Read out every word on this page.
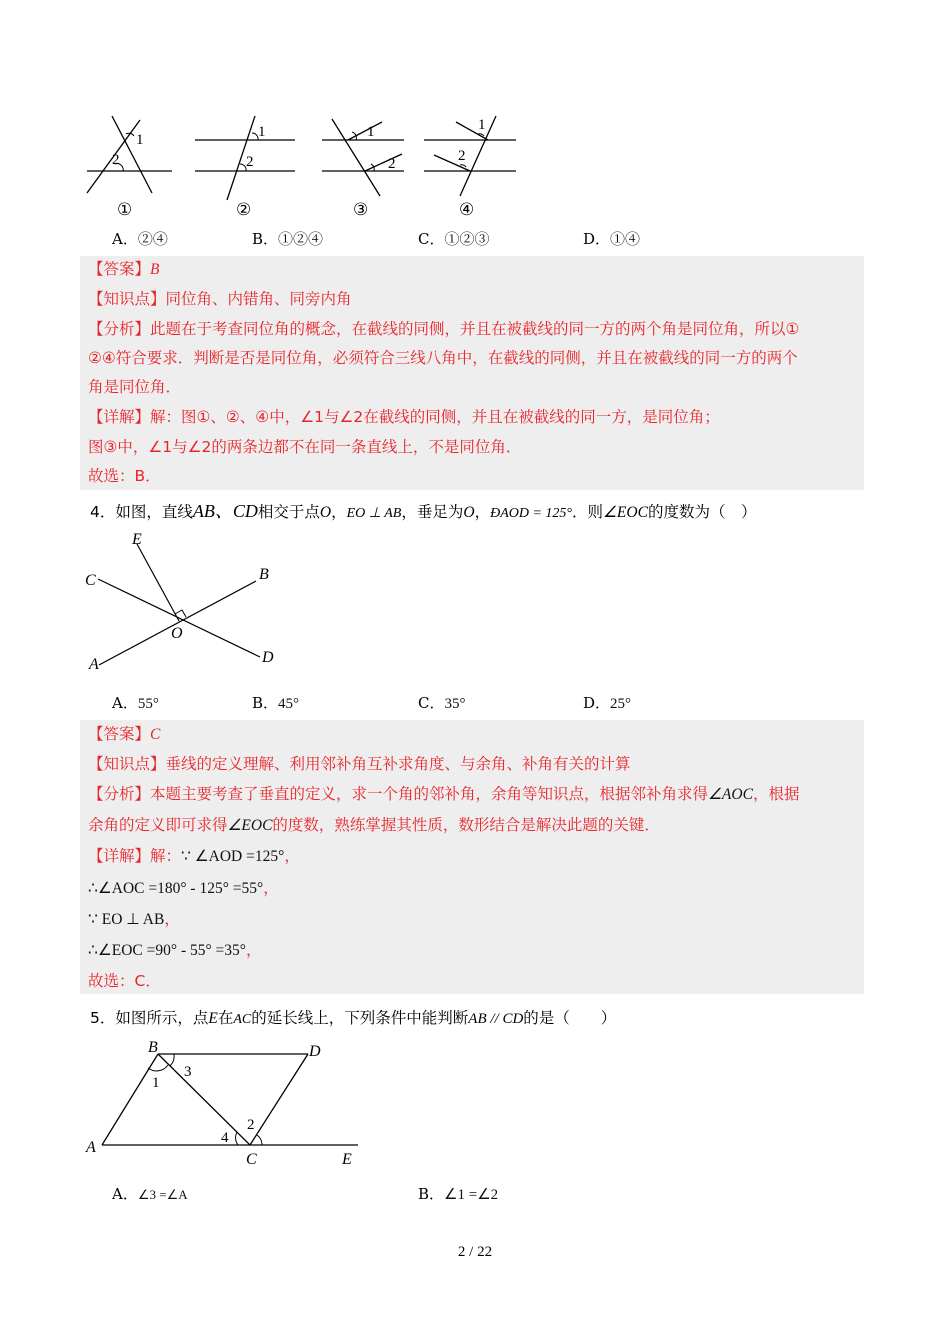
1
2
①
1
2
②
1
2
③
1
2
④
A．②④	B．①②④	C．①②③	D．①④
【答案】B
【知识点】同位角、内错角、同旁内角
【分析】此题在于考查同位角的概念，在截线的同侧，并且在被截线的同一方的两个角是同位角，所以①
②④符合要求．判断是否是同位角，必须符合三线八角中，在截线的同侧，并且在被截线的同一方的两个
角是同位角．
【详解】解：图①、②、④中，∠1与∠2在截线的同侧，并且在被截线的同一方，是同位角；
图③中，∠1与∠2的两条边都不在同一条直线上，不是同位角．
故选：B．
4．如图，直线AB、CD相交于点O，EO ⊥ AB，垂足为O，ÐAOD = 125°．则∠EOC的度数为（　）
E
C	B
O
A	D
A．55°	B．45°	C．35°	D．25°
【答案】C
【知识点】垂线的定义理解、利用邻补角互补求角度、与余角、补角有关的计算
【分析】本题主要考查了垂直的定义，求一个角的邻补角，余角等知识点，根据邻补角求得∠AOC，根据
余角的定义即可求得∠EOC的度数，熟练掌握其性质，数形结合是解决此题的关键．
【详解】解：∵ ∠AOD =125°，
∴∠AOC =180° - 125° =55°，
∵ EO ⊥ AB，
∴∠EOC =90° - 55° =35°，
故选：C．
5．如图所示，点E在AC的延长线上，下列条件中能判断AB // CD的是（　　）
B	D
A
C	E
1
3
2
4
A．∠3 =∠A	B．∠1 =∠2
2 / 22
